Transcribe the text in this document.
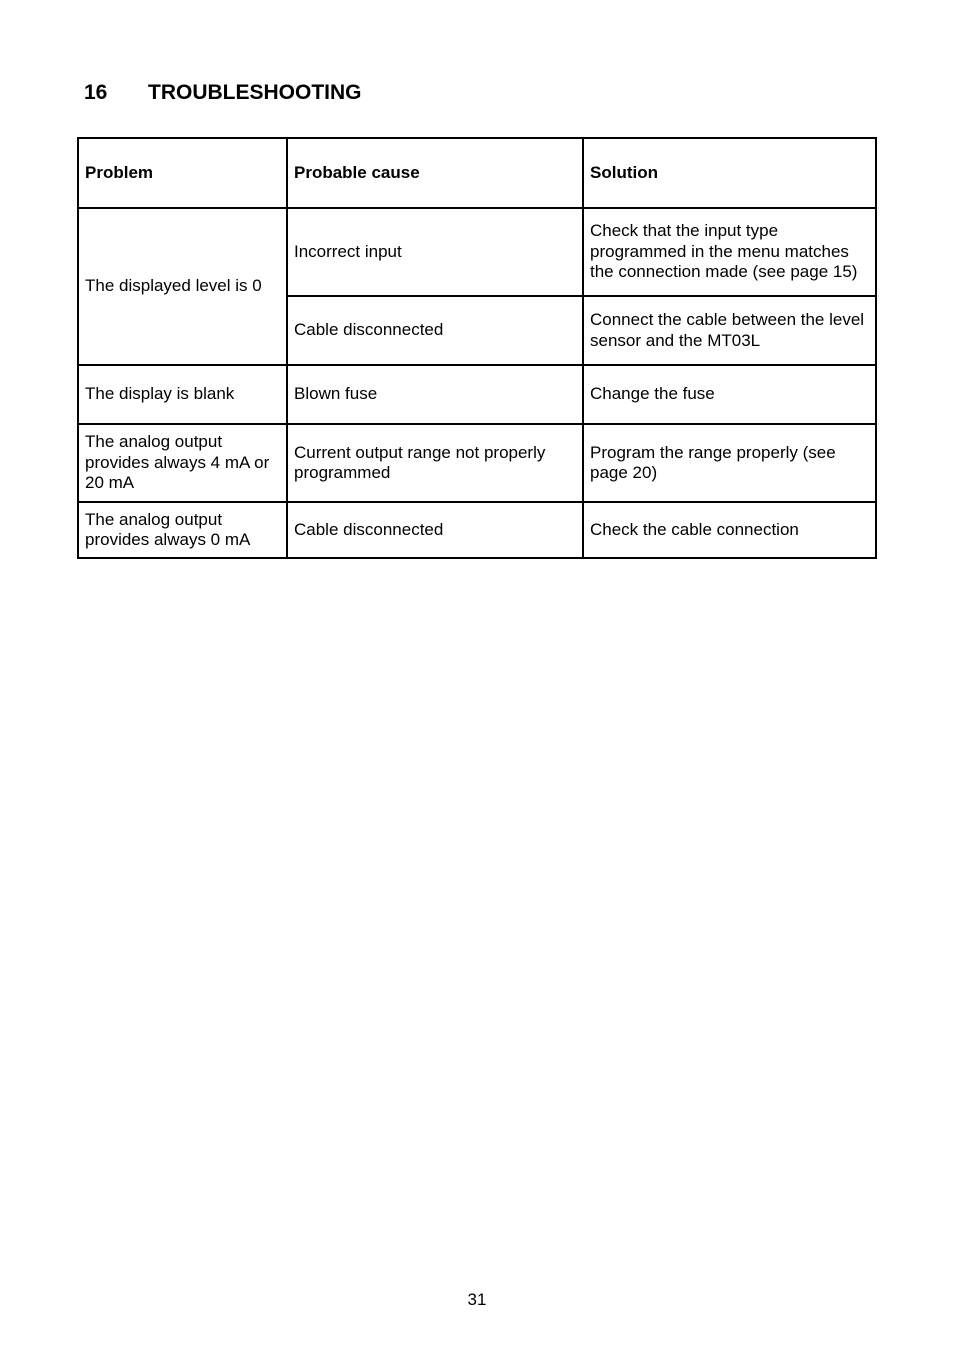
16 TROUBLESHOOTING
Problem	Probable cause	Solution
The displayed level is 0	Incorrect input	Check that the input type programmed in the menu matches the connection made (see page 15)
	Cable disconnected	Connect the cable between the level sensor and the MT03L
The display is blank	Blown fuse	Change the fuse
The analog output provides always 4 mA or 20 mA	Current output range not properly programmed	Program the range properly (see page 20)
The analog output provides always 0 mA	Cable disconnected	Check the cable connection
31
